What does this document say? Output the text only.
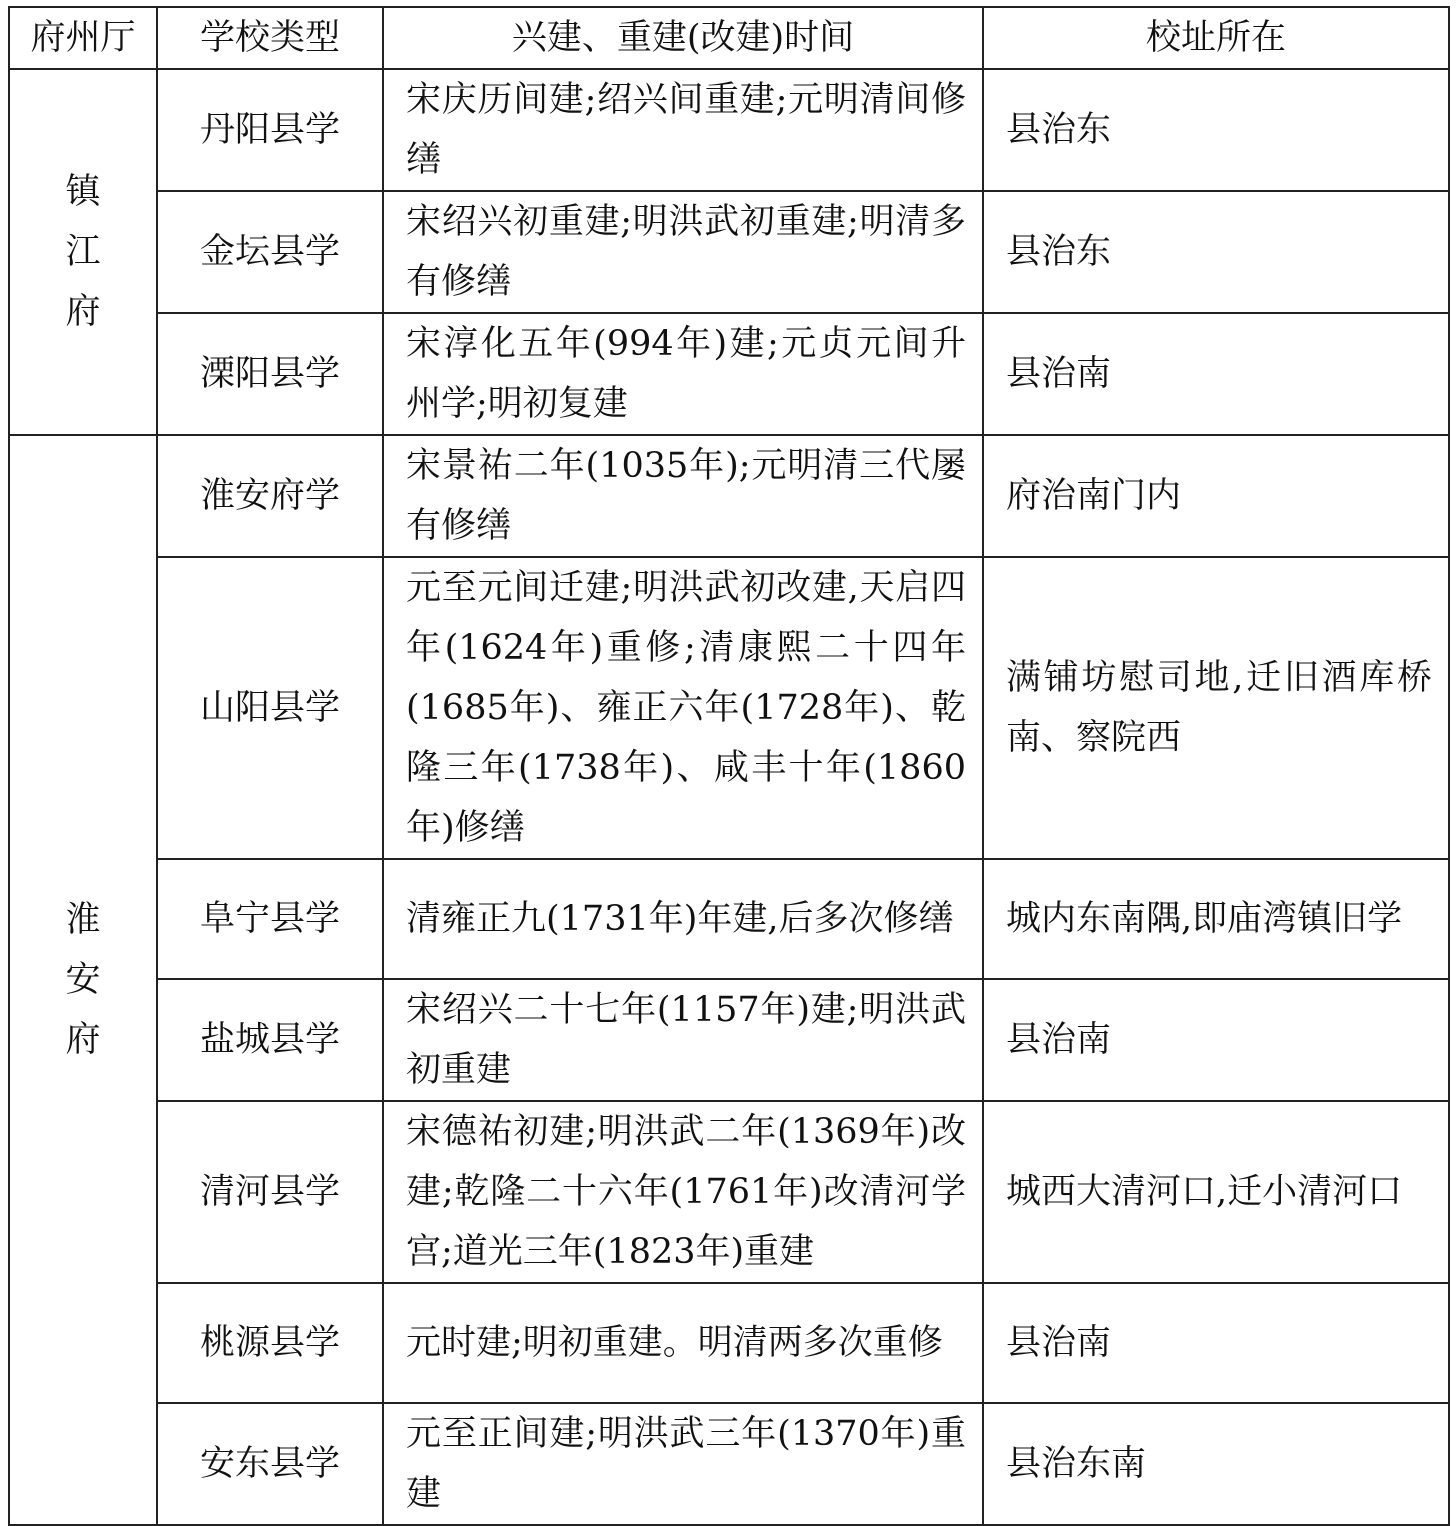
府州厅	学校类型	兴建、重建(改建)时间	校址所在

镇江府	丹阳县学	宋庆历间建;绍兴间重建;元明清间修缮	县治东
	金坛县学	宋绍兴初重建;明洪武初重建;明清多有修缮	县治东
	溧阳县学	宋淳化五年(994年)建;元贞元间升州学;明初复建	县治南

淮安府	淮安府学	宋景祐二年(1035年);元明清三代屡有修缮	府治南门内
	山阳县学	元至元间迁建;明洪武初改建,天启四年(1624年)重修;清康熙二十四年(1685年)、雍正六年(1728年)、乾隆三年(1738年)、咸丰十年(1860年)修缮	满铺坊慰司地,迁旧酒库桥南、察院西
	阜宁县学	清雍正九(1731年)年建,后多次修缮	城内东南隅,即庙湾镇旧学
	盐城县学	宋绍兴二十七年(1157年)建;明洪武初重建	县治南
	清河县学	宋德祐初建;明洪武二年(1369年)改建;乾隆二十六年(1761年)改清河学宫;道光三年(1823年)重建	城西大清河口,迁小清河口
	桃源县学	元时建;明初重建。明清两多次重修	县治南
	安东县学	元至正间建;明洪武三年(1370年)重建	县治东南
